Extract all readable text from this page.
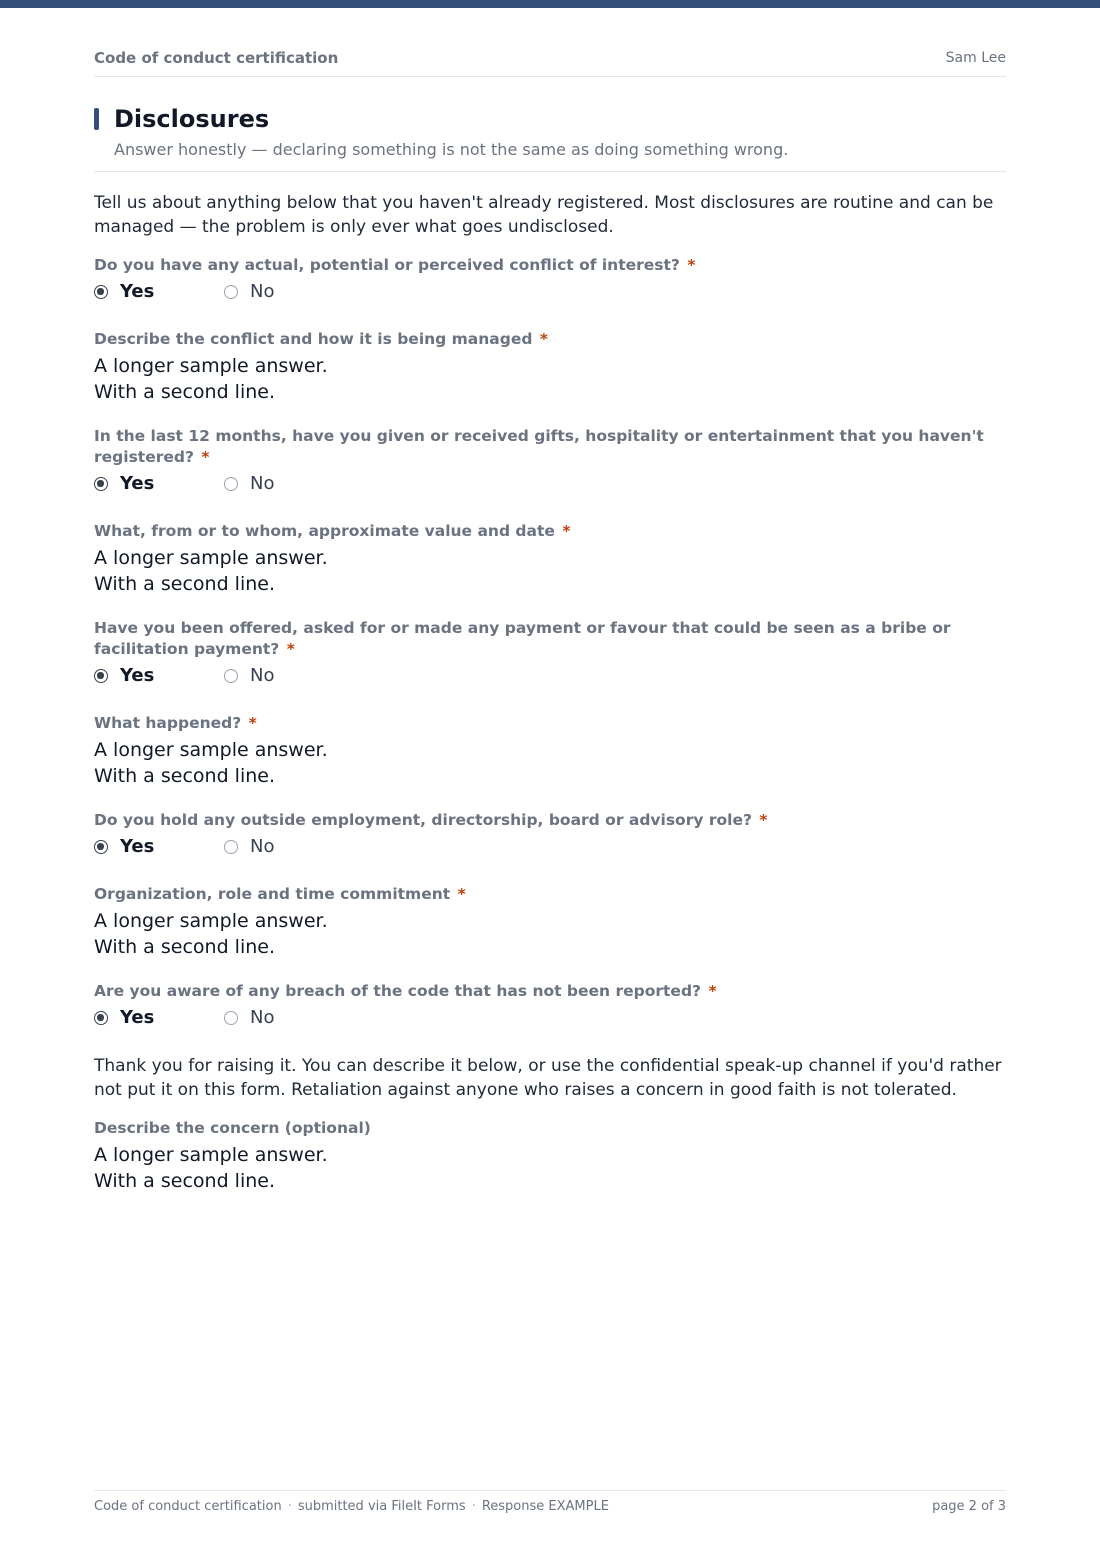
Code of conduct certification	Sam Lee
Disclosures
Answer honestly — declaring something is not the same as doing something wrong.
Tell us about anything below that you haven't already registered. Most disclosures are routine and can be managed — the problem is only ever what goes undisclosed.
Do you have any actual, potential or perceived conflict of interest? *
Yes	No
Describe the conflict and how it is being managed *
A longer sample answer.
With a second line.
In the last 12 months, have you given or received gifts, hospitality or entertainment that you haven't registered? *
Yes	No
What, from or to whom, approximate value and date *
A longer sample answer.
With a second line.
Have you been offered, asked for or made any payment or favour that could be seen as a bribe or facilitation payment? *
Yes	No
What happened? *
A longer sample answer.
With a second line.
Do you hold any outside employment, directorship, board or advisory role? *
Yes	No
Organization, role and time commitment *
A longer sample answer.
With a second line.
Are you aware of any breach of the code that has not been reported? *
Yes	No
Thank you for raising it. You can describe it below, or use the confidential speak-up channel if you'd rather not put it on this form. Retaliation against anyone who raises a concern in good faith is not tolerated.
Describe the concern (optional)
A longer sample answer.
With a second line.
Code of conduct certification · submitted via FileIt Forms · Response EXAMPLE	page 2 of 3
